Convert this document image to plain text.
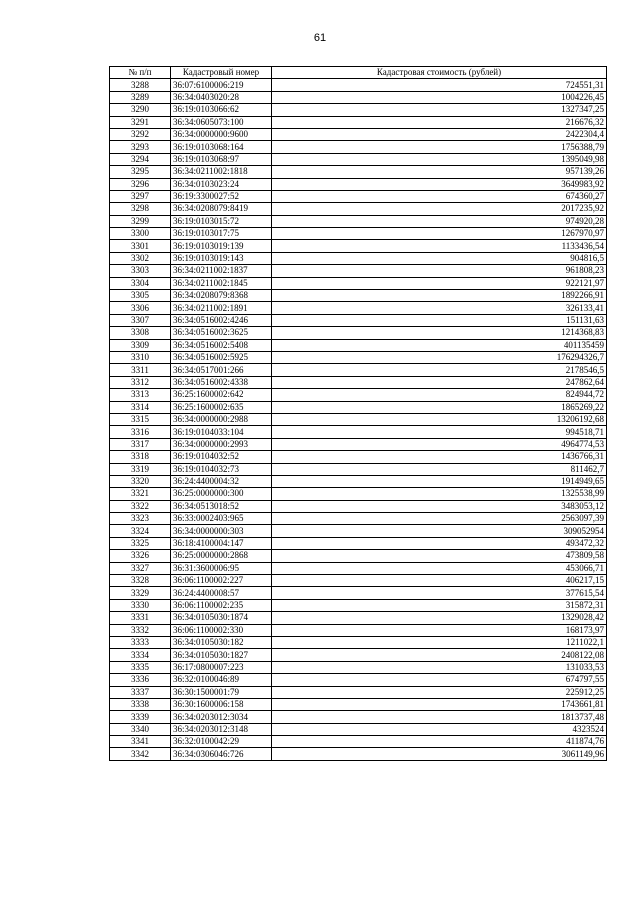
61
№ п/п	Кадастровый номер	Кадастровая стоимость (рублей)
3288	36:07:6100006:219	724551,31
3289	36:34:0403020:28	1004226,45
3290	36:19:0103066:62	1327347,25
3291	36:34:0605073:100	216676,32
3292	36:34:0000000:9600	2422304,4
3293	36:19:0103068:164	1756388,79
3294	36:19:0103068:97	1395049,98
3295	36:34:0211002:1818	957139,26
3296	36:34:0103023:24	3649983,92
3297	36:19:3300027:52	674360,27
3298	36:34:0208079:8419	2017235,92
3299	36:19:0103015:72	974920,28
3300	36:19:0103017:75	1267970,97
3301	36:19:0103019:139	1133436,54
3302	36:19:0103019:143	904816,5
3303	36:34:0211002:1837	961808,23
3304	36:34:0211002:1845	922121,97
3305	36:34:0208079:8368	1892266,91
3306	36:34:0211002:1891	326133,41
3307	36:34:0516002:4246	151131,63
3308	36:34:0516002:3625	1214368,83
3309	36:34:0516002:5408	401135459
3310	36:34:0516002:5925	176294326,7
3311	36:34:0517001:266	2178546,5
3312	36:34:0516002:4338	247862,64
3313	36:25:1600002:642	824944,72
3314	36:25:1600002:635	1865269,22
3315	36:34:0000000:2988	13206192,68
3316	36:19:0104033:104	994518,71
3317	36:34:0000000:2993	4964774,53
3318	36:19:0104032:52	1436766,31
3319	36:19:0104032:73	811462,7
3320	36:24:4400004:32	1914949,65
3321	36:25:0000000:300	1325538,99
3322	36:34:0513018:52	3483053,12
3323	36:33:0002403:965	2563097,39
3324	36:34:0000000:303	309052954
3325	36:18:4100004:147	493472,32
3326	36:25:0000000:2868	473809,58
3327	36:31:3600006:95	453066,71
3328	36:06:1100002:227	406217,15
3329	36:24:4400008:57	377615,54
3330	36:06:1100002:235	315872,31
3331	36:34:0105030:1874	1329028,42
3332	36:06:1100002:330	168173,97
3333	36:34:0105030:182	1211022,1
3334	36:34:0105030:1827	2408122,08
3335	36:17:0800007:223	131033,53
3336	36:32:0100046:89	674797,55
3337	36:30:1500001:79	225912,25
3338	36:30:1600006:158	1743661,81
3339	36:34:0203012:3034	1813737,48
3340	36:34:0203012:3148	4323524
3341	36:32:0100042:29	411874,76
3342	36:34:0306046:726	3061149,96
